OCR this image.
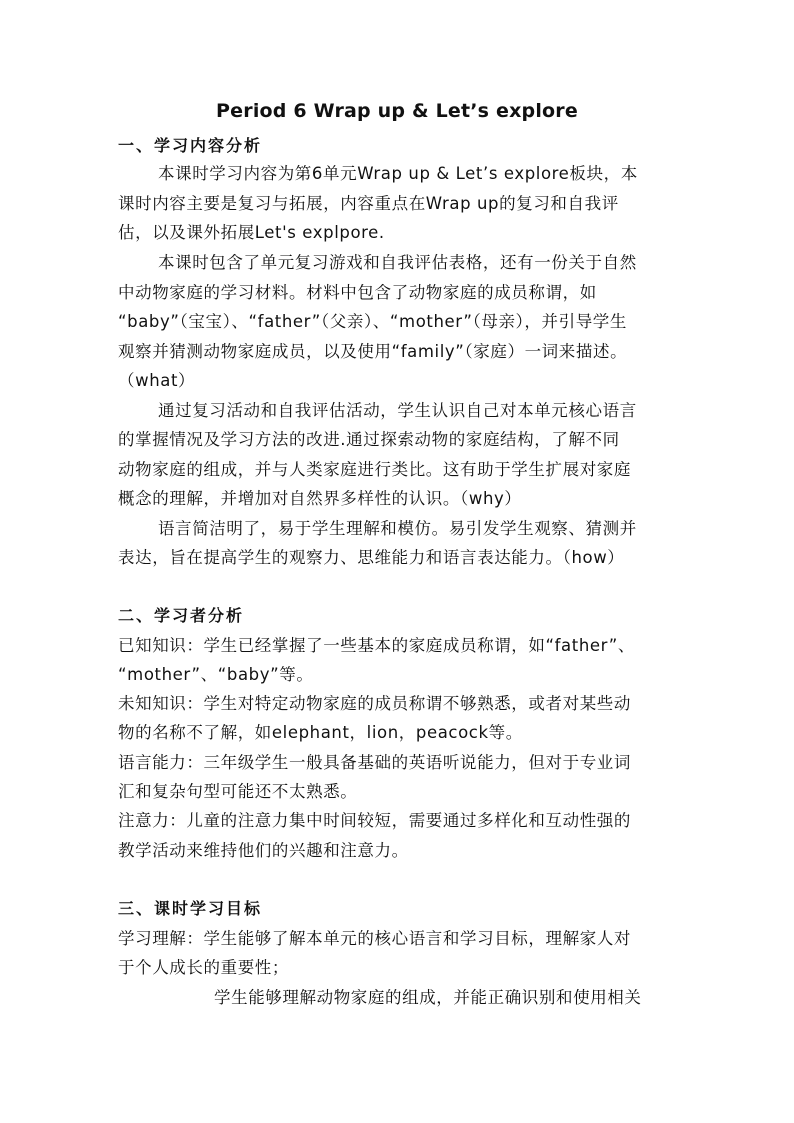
Period 6 Wrap up & Let’s explore
一、学习内容分析
本课时学习内容为第6单元Wrap up & Let’s explore板块，本
课时内容主要是复习与拓展，内容重点在Wrap up的复习和自我评
估，以及课外拓展Let's explpore.
本课时包含了单元复习游戏和自我评估表格，还有一份关于自然
中动物家庭的学习材料。材料中包含了动物家庭的成员称谓，如
“baby”（宝宝）、“father”（父亲）、“mother”（母亲），并引导学生
观察并猜测动物家庭成员，以及使用“family”（家庭）一词来描述。
（what）
通过复习活动和自我评估活动，学生认识自己对本单元核心语言
的掌握情况及学习方法的改进.通过探索动物的家庭结构，了解不同
动物家庭的组成，并与人类家庭进行类比。这有助于学生扩展对家庭
概念的理解，并增加对自然界多样性的认识。（why）
语言简洁明了，易于学生理解和模仿。易引发学生观察、猜测并
表达，旨在提高学生的观察力、思维能力和语言表达能力。（how）
二、学习者分析
已知知识：学生已经掌握了一些基本的家庭成员称谓，如“father”、
“mother”、“baby”等。
未知知识：学生对特定动物家庭的成员称谓不够熟悉，或者对某些动
物的名称不了解，如elephant，lion，peacock等。
语言能力：三年级学生一般具备基础的英语听说能力，但对于专业词
汇和复杂句型可能还不太熟悉。
注意力：儿童的注意力集中时间较短，需要通过多样化和互动性强的
教学活动来维持他们的兴趣和注意力。
三、课时学习目标
学习理解：学生能够了解本单元的核心语言和学习目标，理解家人对
于个人成长的重要性；
学生能够理解动物家庭的组成，并能正确识别和使用相关
